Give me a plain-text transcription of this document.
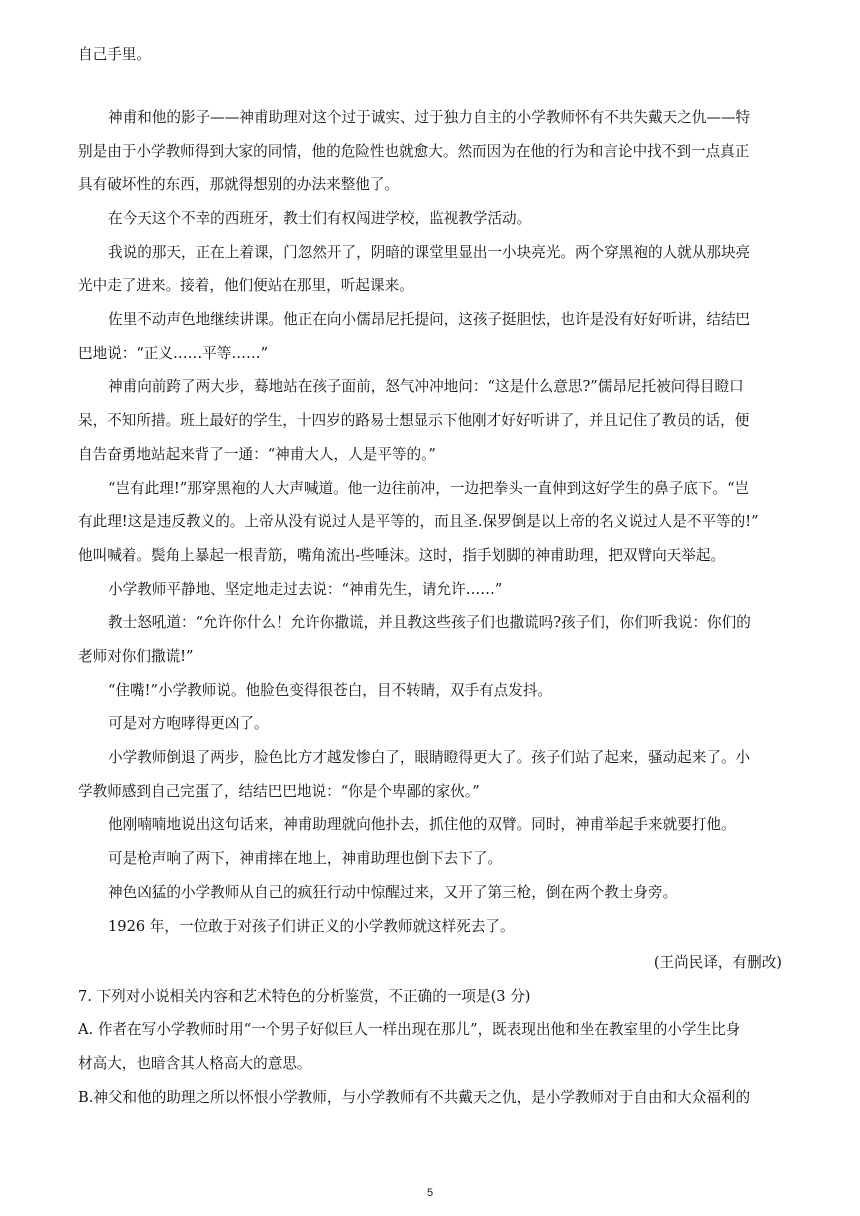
自己手里。
神甫和他的影子——神甫助理对这个过于诚实、过于独力自主的小学教师怀有不共失戴天之仇——特
别是由于小学教师得到大家的同情，他的危险性也就愈大。然而因为在他的行为和言论中找不到一点真正
具有破坏性的东西，那就得想别的办法来整他了。
在今天这个不幸的西班牙，教士们有权闯进学校，监视教学活动。
我说的那天，正在上着课，门忽然开了，阴暗的课堂里显出一小块亮光。两个穿黑袍的人就从那块亮
光中走了进来。接着，他们便站在那里，听起课来。
佐里不动声色地继续讲课。他正在向小儒昂尼托提问，这孩子挺胆怯，也许是没有好好听讲，结结巴
巴地说：“正义……平等……”
神甫向前跨了两大步，蓦地站在孩子面前，怒气冲冲地问：“这是什么意思?”儒昂尼托被问得目瞪口
呆，不知所措。班上最好的学生，十四岁的路易士想显示下他刚才好好听讲了，并且记住了教员的话，便
自告奋勇地站起来背了一通：“神甫大人，人是平等的。”
“岂有此理!”那穿黑袍的人大声喊道。他一边往前冲，一边把拳头一直伸到这好学生的鼻子底下。“岂
有此理!这是违反教义的。上帝从没有说过人是平等的，而且圣.保罗倒是以上帝的名义说过人是不平等的!”
他叫喊着。鬓角上暴起一根青筋，嘴角流出-些唾沫。这时，指手划脚的神甫助理，把双臂向天举起。
小学教师平静地、坚定地走过去说：“神甫先生，请允许……”
教士怒吼道：“允许你什么！允许你撒谎，并且教这些孩子们也撒谎吗?孩子们，你们听我说：你们的
老师对你们撒谎!”
“住嘴!”小学教师说。他脸色变得很苍白，目不转睛，双手有点发抖。
可是对方咆哮得更凶了。
小学教师倒退了两步，脸色比方才越发惨白了，眼睛瞪得更大了。孩子们站了起来，骚动起来了。小
学教师感到自己完蛋了，结结巴巴地说：“你是个卑鄙的家伙。”
他刚喃喃地说出这句话来，神甫助理就向他扑去，抓住他的双臂。同时，神甫举起手来就要打他。
可是枪声响了两下，神甫摔在地上，神甫助理也倒下去下了。
神色凶猛的小学教师从自己的疯狂行动中惊醒过来，又开了第三枪，倒在两个教士身旁。
1926 年，一位敢于对孩子们讲正义的小学教师就这样死去了。
(王尚民译，有删改)
7. 下列对小说相关内容和艺术特色的分析鉴赏，不正确的一项是(3 分)
A. 作者在写小学教师时用“一个男子好似巨人一样出现在那儿”，既表现出他和坐在教室里的小学生比身
材高大，也暗含其人格高大的意思。
B.神父和他的助理之所以怀恨小学教师，与小学教师有不共戴天之仇，是小学教师对于自由和大众福利的
5
